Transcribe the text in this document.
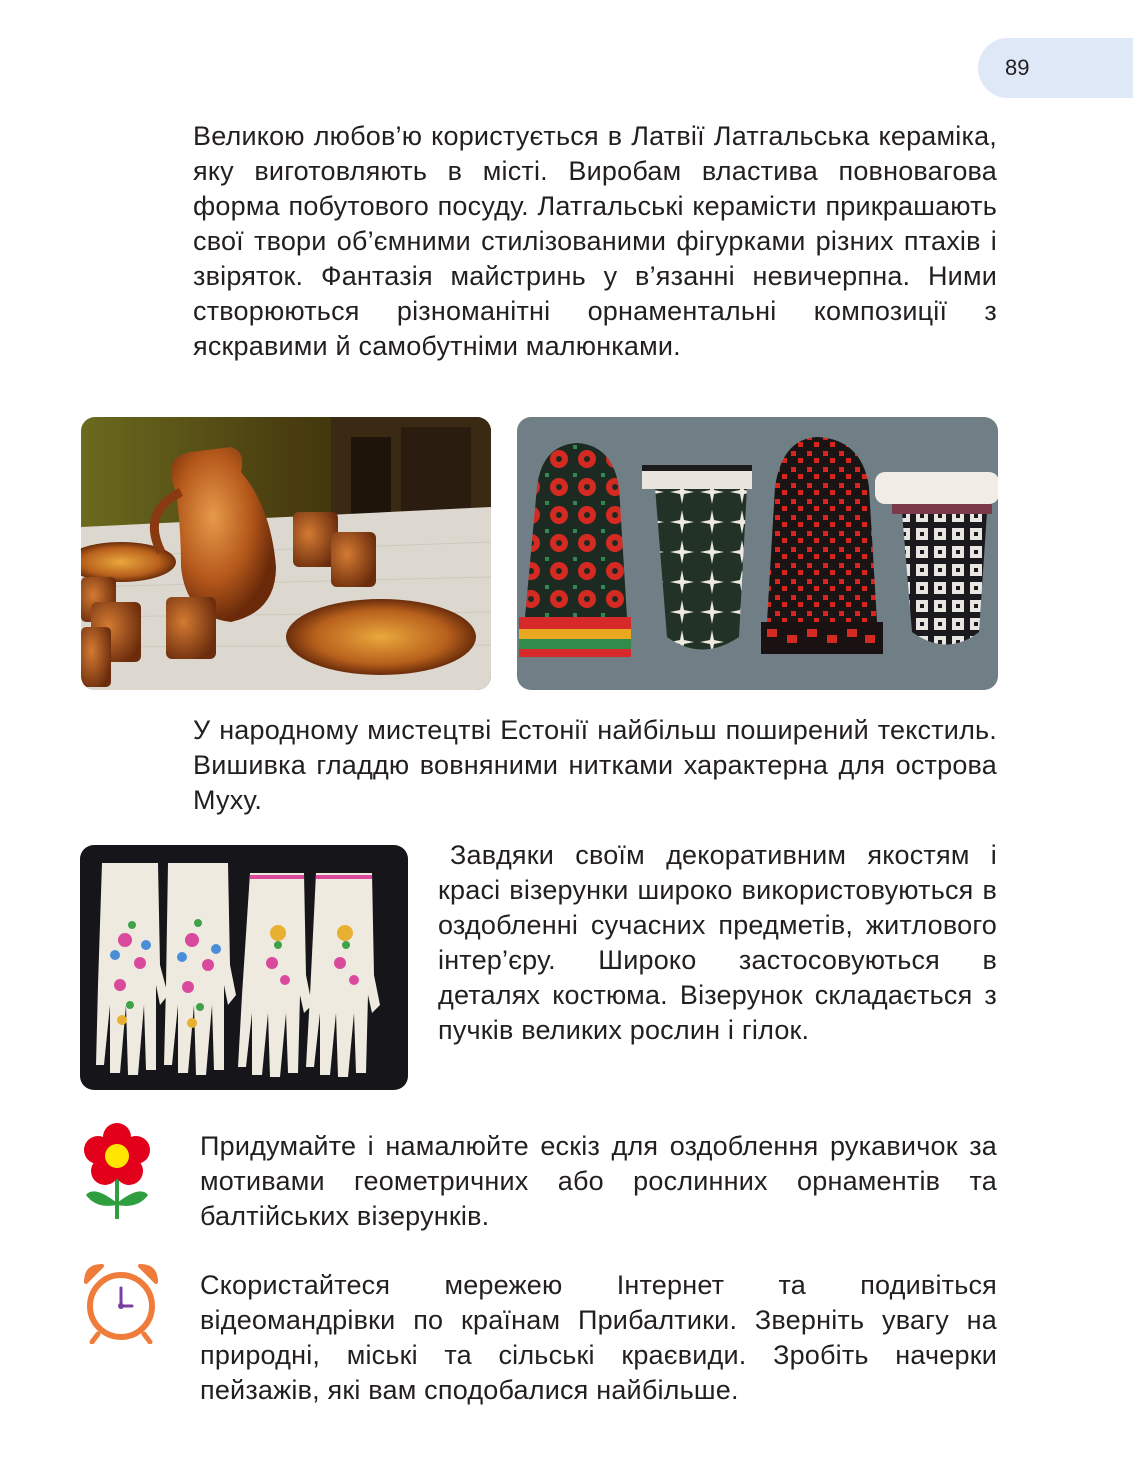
89

Великою любов’ю користується в Латвії Латгальська кераміка, яку виготовляють в місті. Виробам властива повновагова форма побутового посуду. Латгальські керамісти прикрашають свої твори об’ємними стилізованими фігурками різних птахів і звіряток. Фантазія майстринь у в’язанні невичерпна. Ними створюються різноманітні орнаментальні композиції з яскравими й самобутніми малюнками.

У народному мистецтві Естонії найбільш поширений текстиль. Вишивка гладдю вовняними нитками характерна для острова Муху.

Завдяки своїм декоративним якостям і красі візерунки широко використовуються в оздобленні сучасних предметів, житлового інтер’єру. Широко застосовуються в деталях костюма. Візерунок складається з пучків великих рослин і гілок.

Придумайте і намалюйте ескіз для оздоблення рукавичок за мотивами геометричних або рослинних орнаментів та балтійських візерунків.

Скористайтеся мережею Інтернет та подивіться відеомандрівки по країнам Прибалтики. Зверніть увагу на природні, міські та сільські краєвиди. Зробіть начерки пейзажів, які вам сподобалися найбільше.
